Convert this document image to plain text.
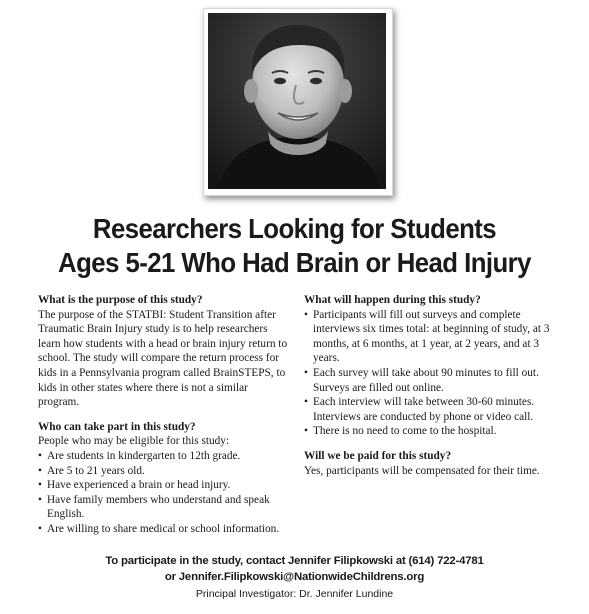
Researchers Looking for Students
Ages 5-21 Who Had Brain or Head Injury

What is the purpose of this study?

The purpose of the STATBI: Student Transition after Traumatic Brain Injury study is to help researchers learn how students with a head or brain injury return to school. The study will compare the return process for kids in a Pennsylvania program called BrainSTEPS, to kids in other states where there is not a similar program.

Who can take part in this study?

People who may be eligible for this study:

• Are students in kindergarten to 12th grade.
• Are 5 to 21 years old.
• Have experienced a brain or head injury.
• Have family members who understand and speak English.
• Are willing to share medical or school information.

What will happen during this study?

• Participants will fill out surveys and complete interviews six times total: at beginning of study, at 3 months, at 6 months, at 1 year, at 2 years, and at 3 years.
• Each survey will take about 90 minutes to fill out. Surveys are filled out online.
• Each interview will take between 30-60 minutes. Interviews are conducted by phone or video call.
• There is no need to come to the hospital.

Will we be paid for this study?

Yes, participants will be compensated for their time.

To participate in the study, contact Jennifer Filipkowski at (614) 722-4781
or Jennifer.Filipkowski@NationwideChildrens.org
Principal Investigator: Dr. Jennifer Lundine
